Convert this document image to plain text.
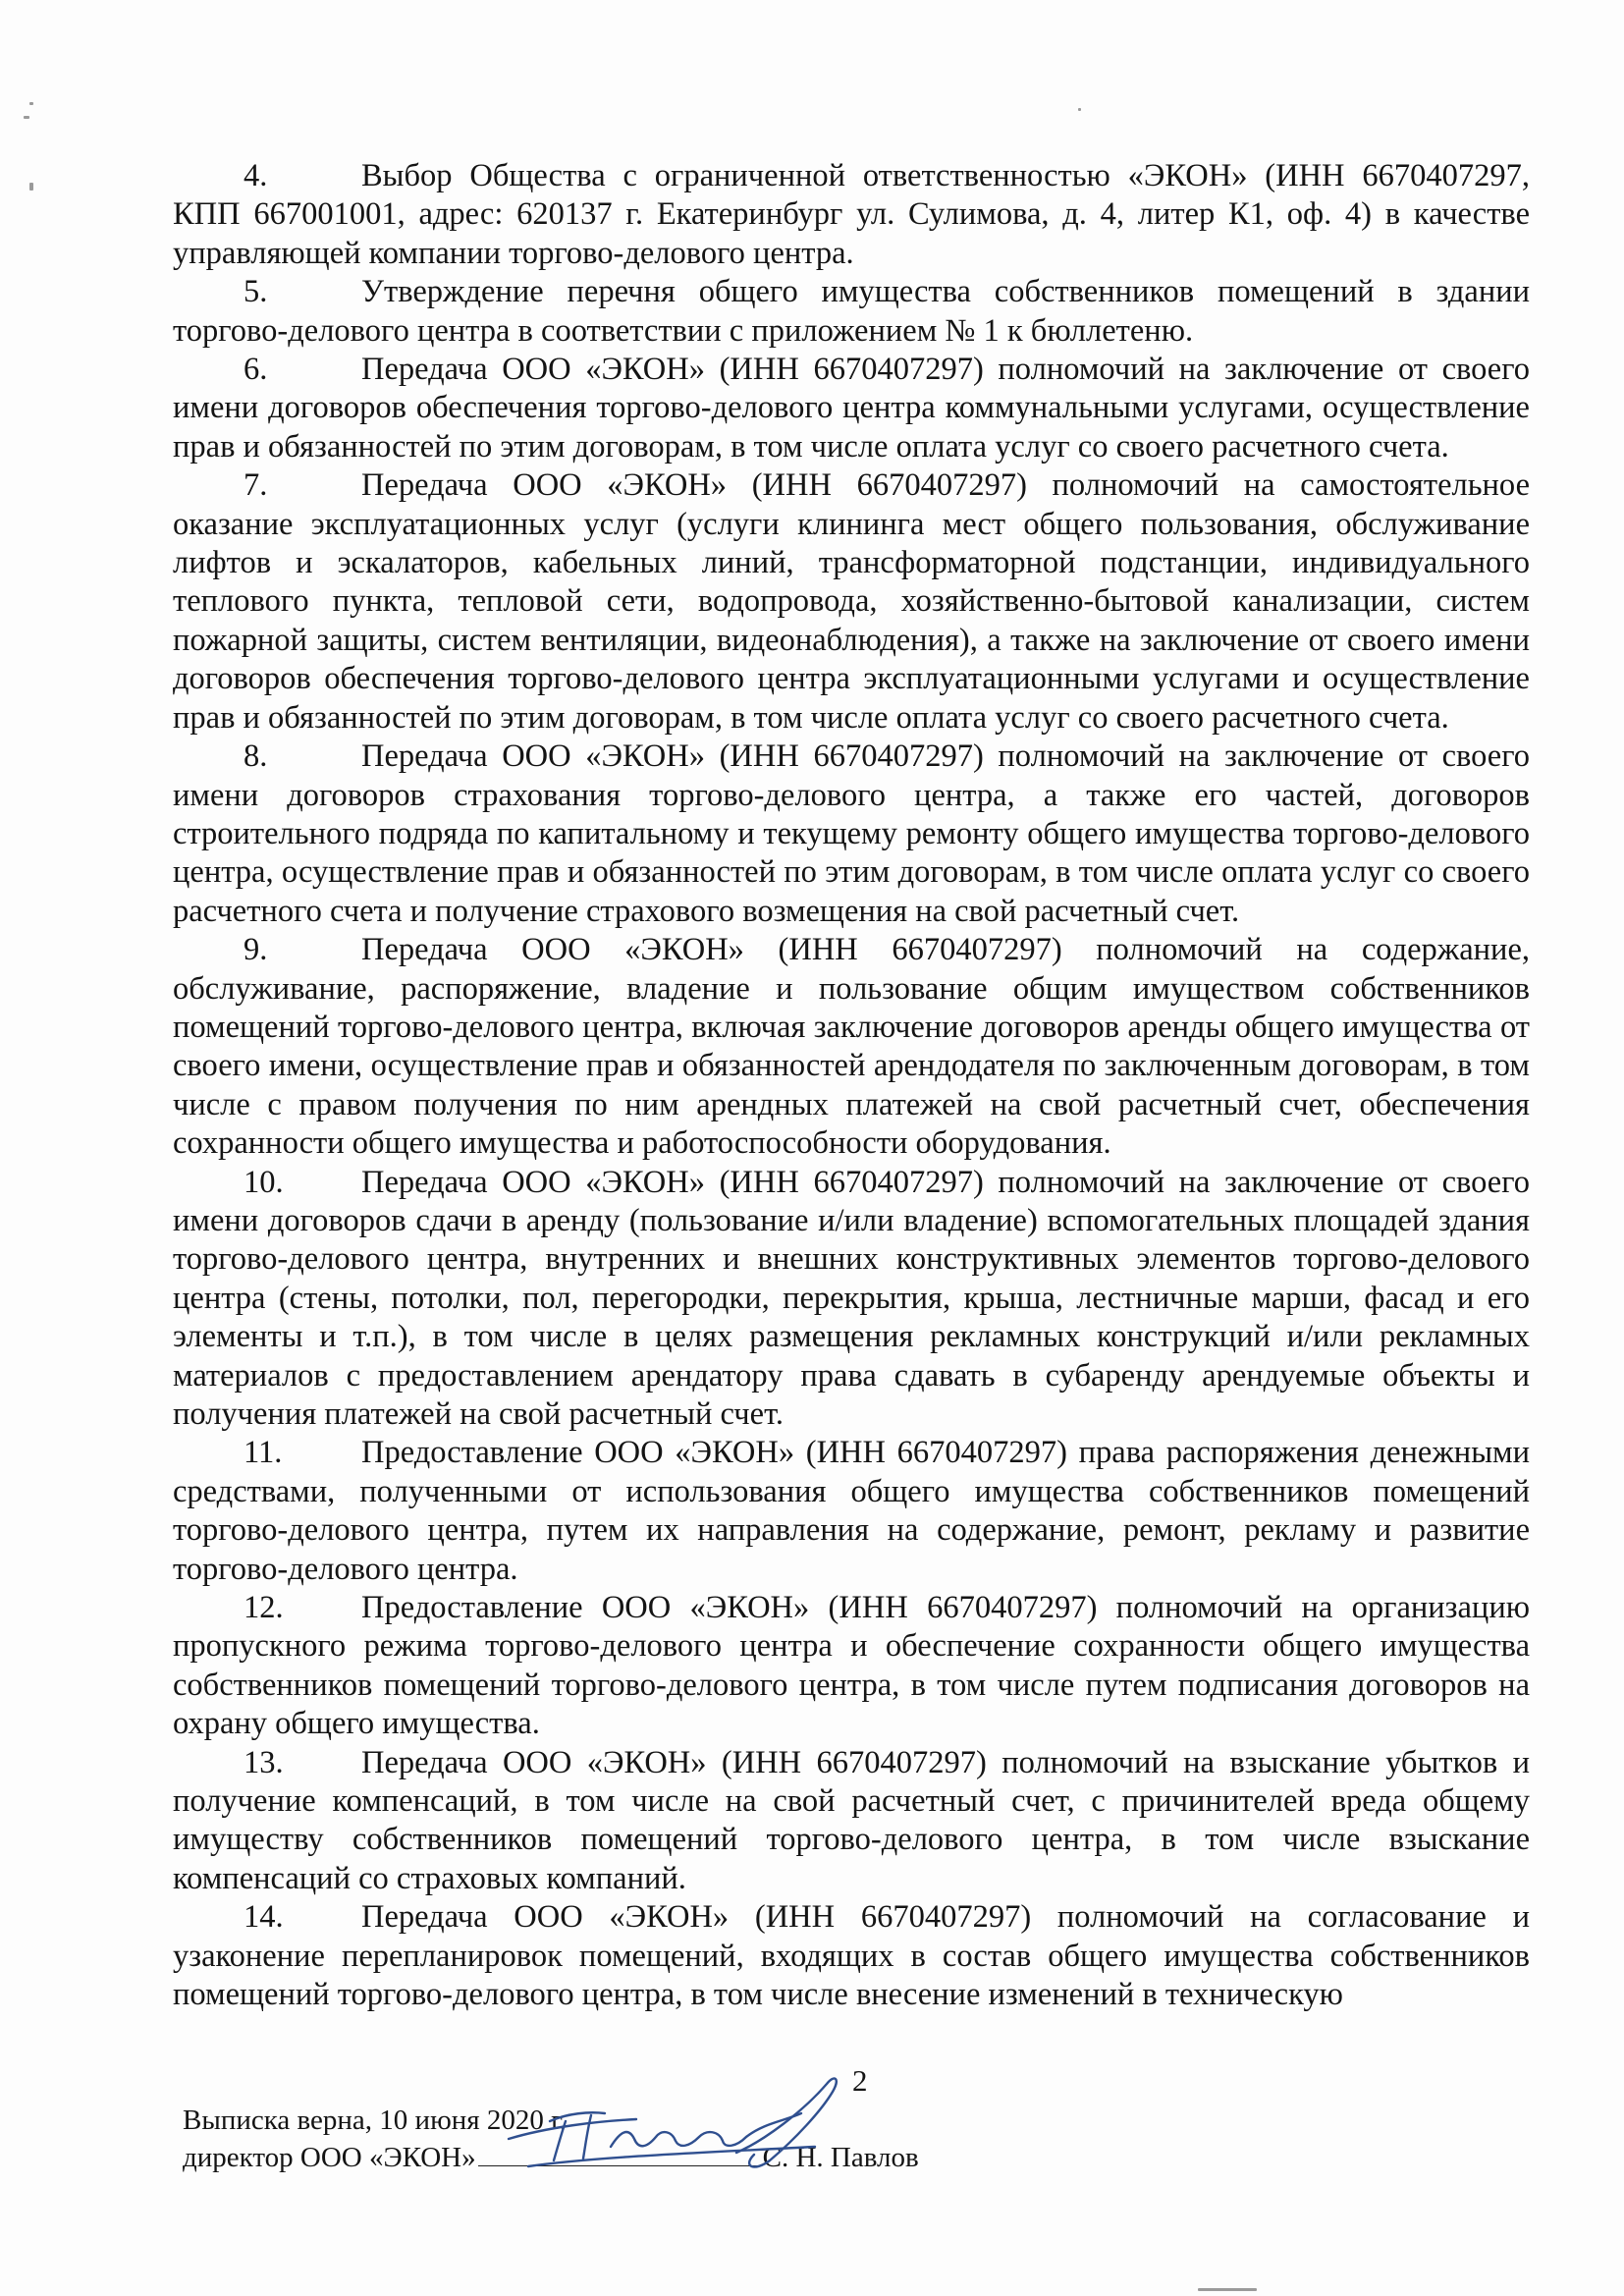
4.	Выбор Общества с ограниченной ответственностью «ЭКОН» (ИНН 6670407297, КПП 667001001, адрес: 620137 г. Екатеринбург ул. Сулимова, д. 4, литер К1, оф. 4) в качестве управляющей компании торгово-делового центра.

5.	Утверждение перечня общего имущества собственников помещений в здании торгово-делового центра в соответствии с приложением № 1 к бюллетеню.

6.	Передача ООО «ЭКОН» (ИНН 6670407297) полномочий на заключение от своего имени договоров обеспечения торгово-делового центра коммунальными услугами, осуществление прав и обязанностей по этим договорам, в том числе оплата услуг со своего расчетного счета.

7.	Передача ООО «ЭКОН» (ИНН 6670407297) полномочий на самостоятельное оказание эксплуатационных услуг (услуги клининга мест общего пользования, обслуживание лифтов и эскалаторов, кабельных линий, трансформаторной подстанции, индивидуального теплового пункта, тепловой сети, водопровода, хозяйственно-бытовой канализации, систем пожарной защиты, систем вентиляции, видеонаблюдения), а также на заключение от своего имени договоров обеспечения торгово-делового центра эксплуатационными услугами и осуществление прав и обязанностей по этим договорам, в том числе оплата услуг со своего расчетного счета.

8.	Передача ООО «ЭКОН» (ИНН 6670407297) полномочий на заключение от своего имени договоров страхования торгово-делового центра, а также его частей, договоров строительного подряда по капитальному и текущему ремонту общего имущества торгово-делового центра, осуществление прав и обязанностей по этим договорам, в том числе оплата услуг со своего расчетного счета и получение страхового возмещения на свой расчетный счет.

9.	Передача ООО «ЭКОН» (ИНН 6670407297) полномочий на содержание, обслуживание, распоряжение, владение и пользование общим имуществом собственников помещений торгово-делового центра, включая заключение договоров аренды общего имущества от своего имени, осуществление прав и обязанностей арендодателя по заключенным договорам, в том числе с правом получения по ним арендных платежей на свой расчетный счет, обеспечения сохранности общего имущества и работоспособности оборудования.

10. Передача ООО «ЭКОН» (ИНН 6670407297) полномочий на заключение от своего имени договоров сдачи в аренду (пользование и/или владение) вспомогательных площадей здания торгово-делового центра, внутренних и внешних конструктивных элементов торгово-делового центра (стены, потолки, пол, перегородки, перекрытия, крыша, лестничные марши, фасад и его элементы и т.п.), в том числе в целях размещения рекламных конструкций и/или рекламных материалов с предоставлением арендатору права сдавать в субаренду арендуемые объекты и получения платежей на свой расчетный счет.

11. Предоставление ООО «ЭКОН» (ИНН 6670407297) права распоряжения денежными средствами, полученными от использования общего имущества собственников помещений торгово-делового центра, путем их направления на содержание, ремонт, рекламу и развитие торгово-делового центра.

12. Предоставление ООО «ЭКОН» (ИНН 6670407297) полномочий на организацию пропускного режима торгово-делового центра и обеспечение сохранности общего имущества собственников помещений торгово-делового центра, в том числе путем подписания договоров на охрану общего имущества.

13. Передача ООО «ЭКОН» (ИНН 6670407297) полномочий на взыскание убытков и получение компенсаций, в том числе на свой расчетный счет, с причинителей вреда общему имуществу собственников помещений торгово-делового центра, в том числе взыскание компенсаций со страховых компаний.

14. Передача ООО «ЭКОН» (ИНН 6670407297) полномочий на согласование и узаконение перепланировок помещений, входящих в состав общего имущества собственников помещений торгово-делового центра, в том числе внесение изменений в техническую

2
Выписка верна, 10 июня 2020 г.
директор ООО «ЭКОН»	С. Н. Павлов
